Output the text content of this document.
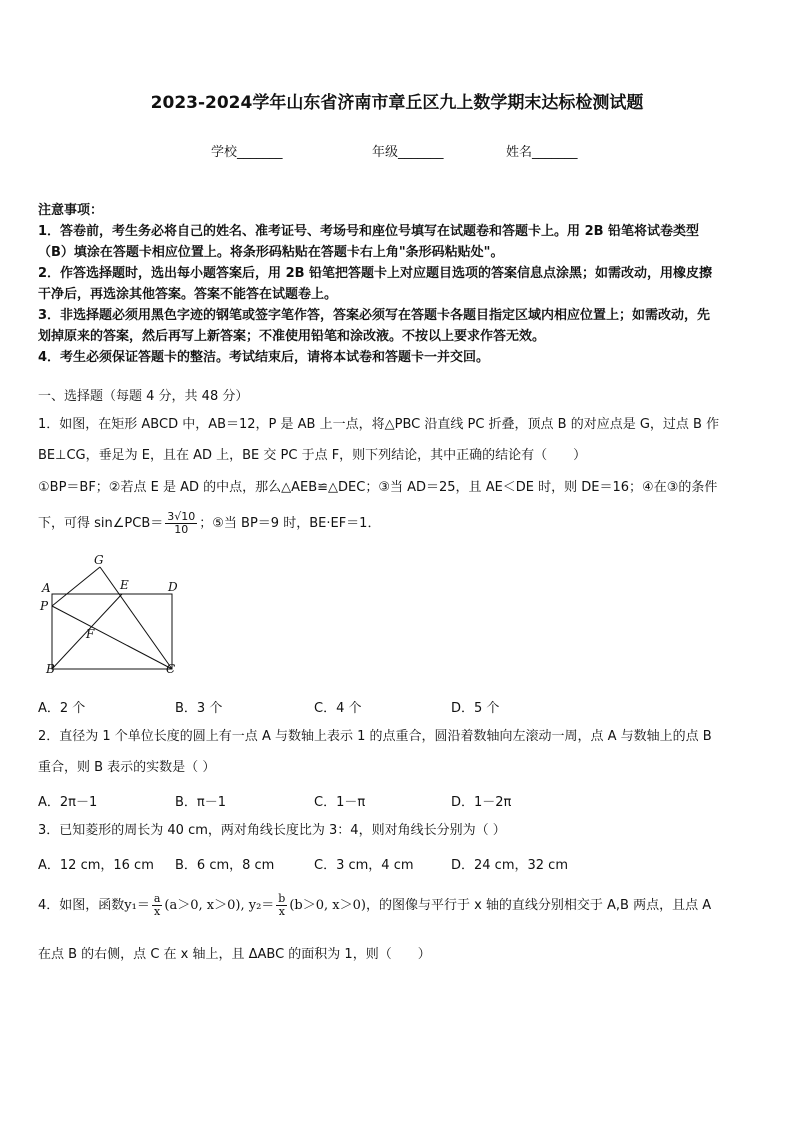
2023-2024学年山东省济南市章丘区九上数学期末达标检测试题
学校_______	年级_______	姓名_______
注意事项：
1．答卷前，考生务必将自己的姓名、准考证号、考场号和座位号填写在试题卷和答题卡上。用 2B 铅笔将试卷类型
（B）填涂在答题卡相应位置上。将条形码粘贴在答题卡右上角"条形码粘贴处"。
2．作答选择题时，选出每小题答案后，用 2B 铅笔把答题卡上对应题目选项的答案信息点涂黑；如需改动，用橡皮擦
干净后，再选涂其他答案。答案不能答在试题卷上。
3．非选择题必须用黑色字迹的钢笔或签字笔作答，答案必须写在答题卡各题目指定区域内相应位置上；如需改动，先
划掉原来的答案，然后再写上新答案；不准使用铅笔和涂改液。不按以上要求作答无效。
4．考生必须保证答题卡的整洁。考试结束后，请将本试卷和答题卡一并交回。
一、选择题（每题 4 分，共 48 分）
1．如图，在矩形 ABCD 中，AB＝12，P 是 AB 上一点，将△PBC 沿直线 PC 折叠，顶点 B 的对应点是 G，过点 B 作
BE⊥CG，垂足为 E，且在 AD 上，BE 交 PC 于点 F，则下列结论，其中正确的结论有（　　）
①BP＝BF；②若点 E 是 AD 的中点，那么△AEB≌△DEC；③当 AD＝25，且 AE＜DE 时，则 DE＝16；④在③的条件
下，可得 sin∠PCB＝ $\frac{3√10}{10}$ ；⑤当 BP＝9 时，BE·EF＝1．
G
E
A	D
P
F
B	C
A．2 个	B．3 个	C．4 个	D．5 个
2．直径为 1 个单位长度的圆上有一点 A 与数轴上表示 1 的点重合，圆沿着数轴向左滚动一周，点 A 与数轴上的点 B
重合，则 B 表示的实数是（ ）
A．2π－1	B．π－1	C．1－π	D．1－2π
3．已知菱形的周长为 40 cm，两对角线长度比为 3：4，则对角线长分别为（ ）
A．12 cm，16 cm B．6 cm，8 cm	C．3 cm，4 cm	D．24 cm，32 cm
4．如图，函数$y_1= \frac{a}{x} (a>0$, x＞0), $y_2= \frac{b}{x} (b>0$, x＞0)，的图像与平行于 x 轴的直线分别相交于 A,B 两点，且点 A
在点 B 的右侧，点 C 在 x 轴上，且 ΔABC 的面积为 1，则（　　）
